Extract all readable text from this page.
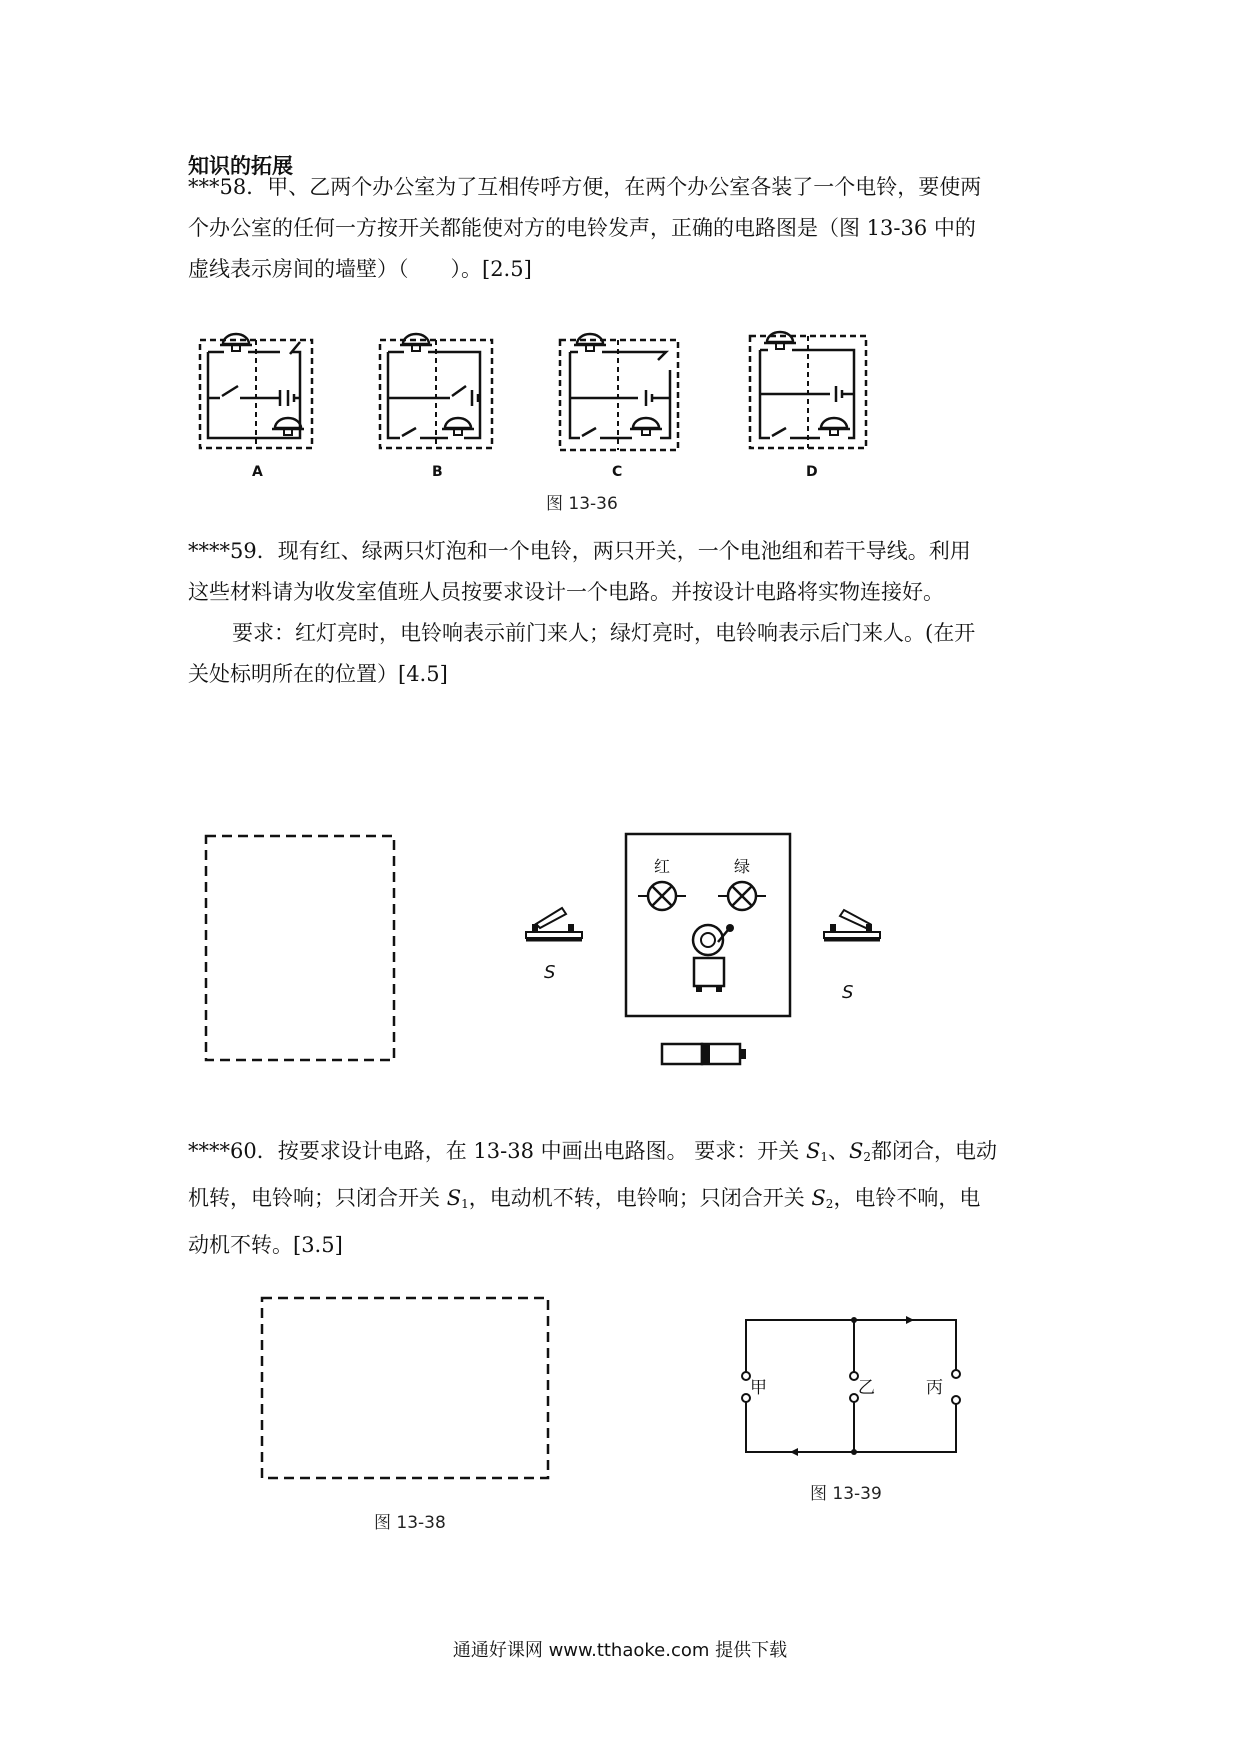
知识的拓展
***58．甲、乙两个办公室为了互相传呼方便，在两个办公室各装了一个电铃，要使两
个办公室的任何一方按开关都能使对方的电铃发声，正确的电路图是（图 13-36 中的
虚线表示房间的墙壁）（　　）。[2.5]
A	B	C	D
图 13-36
****59．现有红、绿两只灯泡和一个电铃，两只开关，一个电池组和若干导线。利用
这些材料请为收发室值班人员按要求设计一个电路。并按设计电路将实物连接好。
要求：红灯亮时，电铃响表示前门来人；绿灯亮时，电铃响表示后门来人。(在开
关处标明所在的位置）[4.5]
S
红	绿
S
****60．按要求设计电路，在 13-38 中画出电路图。 要求：开关 $S_1$、$S_2$都闭合，电动
机转，电铃响；只闭合开关 $S_1$，电动机不转，电铃响；只闭合开关 $S_2$，电铃不响，电
动机不转。[3.5]
图 13-38
甲	乙	丙
图 13-39
通通好课网 www.tthaoke.com 提供下载
